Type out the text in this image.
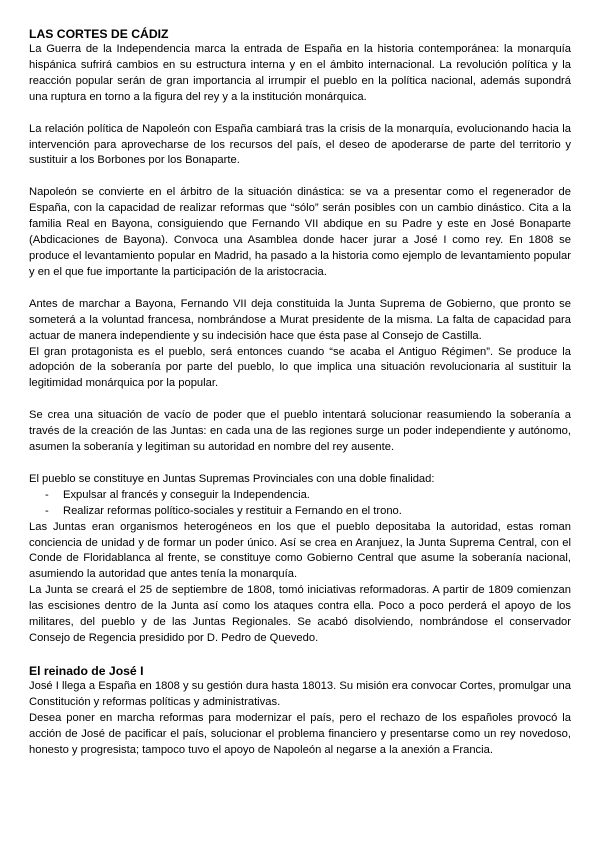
LAS CORTES DE CÁDIZ

La Guerra de la Independencia marca la entrada de España en la historia contemporánea: la monarquía hispánica sufrirá cambios en su estructura interna y en el ámbito internacional. La revolución política y la reacción popular serán de gran importancia al irrumpir el pueblo en la política nacional, además supondrá una ruptura en torno a la figura del rey y a la institución monárquica.

La relación política de Napoleón con España cambiará tras la crisis de la monarquía, evolucionando hacia la intervención para aprovecharse de los recursos del país, el deseo de apoderarse de parte del territorio y sustituir a los Borbones por los Bonaparte.

Napoleón se convierte en el árbitro de la situación dinástica: se va a presentar como el regenerador de España, con la capacidad de realizar reformas que “sólo” serán posibles con un cambio dinástico. Cita a la familia Real en Bayona, consiguiendo que Fernando VII abdique en su Padre y este en José Bonaparte (Abdicaciones de Bayona). Convoca una Asamblea donde hacer jurar a José I como rey. En 1808 se produce el levantamiento popular en Madrid, ha pasado a la historia como ejemplo de levantamiento popular y en el que fue importante la participación de la aristocracia.

Antes de marchar a Bayona, Fernando VII deja constituida la Junta Suprema de Gobierno, que pronto se someterá a la voluntad francesa, nombrándose a Murat presidente de la misma. La falta de capacidad para actuar de manera independiente y su indecisión hace que ésta pase al Consejo de Castilla.

El gran protagonista es el pueblo, será entonces cuando “se acaba el Antiguo Régimen”. Se produce la adopción de la soberanía por parte del pueblo, lo que implica una situación revolucionaria al sustituir la legitimidad monárquica por la popular.

Se crea una situación de vacío de poder que el pueblo intentará solucionar reasumiendo la soberanía a través de la creación de las Juntas: en cada una de las regiones surge un poder independiente y autónomo, asumen la soberanía y legitiman su autoridad en nombre del rey ausente.

El pueblo se constituye en Juntas Supremas Provinciales con una doble finalidad:

- Expulsar al francés y conseguir la Independencia.
- Realizar reformas político-sociales y restituir a Fernando en el trono.

Las Juntas eran organismos heterogéneos en los que el pueblo depositaba la autoridad, estas roman conciencia de unidad y de formar un poder único. Así se crea en Aranjuez, la Junta Suprema Central, con el Conde de Floridablanca al frente, se constituye como Gobierno Central que asume la soberanía nacional, asumiendo la autoridad que antes tenía la monarquía.

La Junta se creará el 25 de septiembre de 1808, tomó iniciativas reformadoras. A partir de 1809 comienzan las escisiones dentro de la Junta así como los ataques contra ella. Poco a poco perderá el apoyo de los militares, del pueblo y de las Juntas Regionales. Se acabó disolviendo, nombrándose el conservador Consejo de Regencia presidido por D. Pedro de Quevedo.

El reinado de José I

José I llega a España en 1808 y su gestión dura hasta 18013. Su misión era convocar Cortes, promulgar una Constitución y reformas políticas y administrativas.

Desea poner en marcha reformas para modernizar el país, pero el rechazo de los españoles provocó la acción de José de pacificar el país, solucionar el problema financiero y presentarse como un rey novedoso, honesto y progresista; tampoco tuvo el apoyo de Napoleón al negarse a la anexión a Francia.
